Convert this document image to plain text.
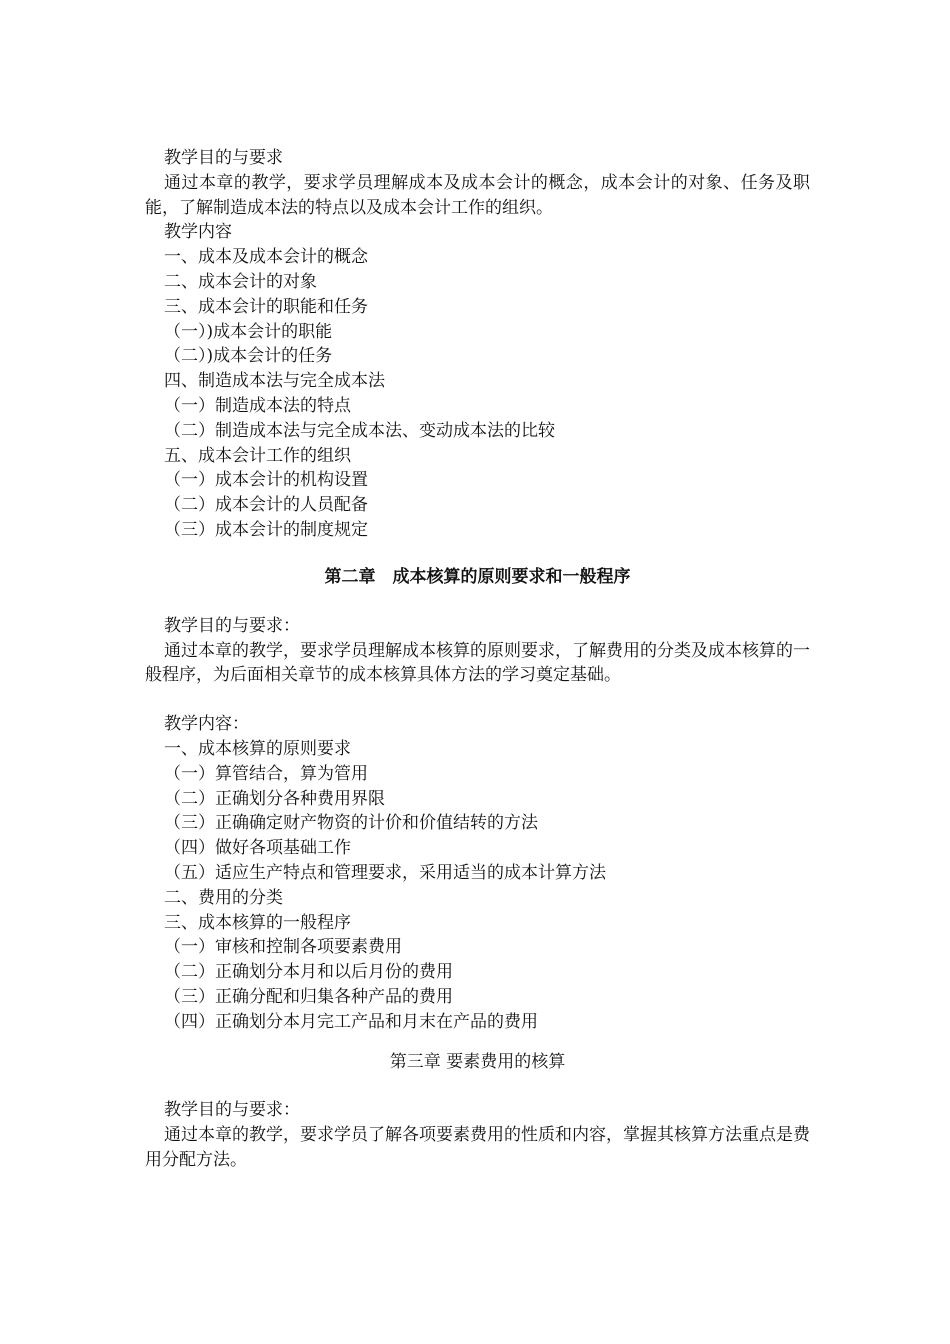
教学目的与要求
通过本章的教学，要求学员理解成本及成本会计的概念，成本会计的对象、任务及职能，了解制造成本法的特点以及成本会计工作的组织。
教学内容
一、成本及成本会计的概念
二、成本会计的对象
三、成本会计的职能和任务
（一）)成本会计的职能
（二）)成本会计的任务
四、制造成本法与完全成本法
（一）制造成本法的特点
（二）制造成本法与完全成本法、变动成本法的比较
五、成本会计工作的组织
（一）成本会计的机构设置
（二）成本会计的人员配备
（三）成本会计的制度规定
第二章　成本核算的原则要求和一般程序
教学目的与要求：
通过本章的教学，要求学员理解成本核算的原则要求，了解费用的分类及成本核算的一般程序，为后面相关章节的成本核算具体方法的学习奠定基础。
教学内容：
一、成本核算的原则要求
（一）算管结合，算为管用
（二）正确划分各种费用界限
（三）正确确定财产物资的计价和价值结转的方法
（四）做好各项基础工作
（五）适应生产特点和管理要求，采用适当的成本计算方法
二、费用的分类
三、成本核算的一般程序
（一）审核和控制各项要素费用
（二）正确划分本月和以后月份的费用
（三）正确分配和归集各种产品的费用
（四）正确划分本月完工产品和月末在产品的费用
第三章 要素费用的核算
教学目的与要求：
通过本章的教学，要求学员了解各项要素费用的性质和内容，掌握其核算方法重点是费用分配方法。
